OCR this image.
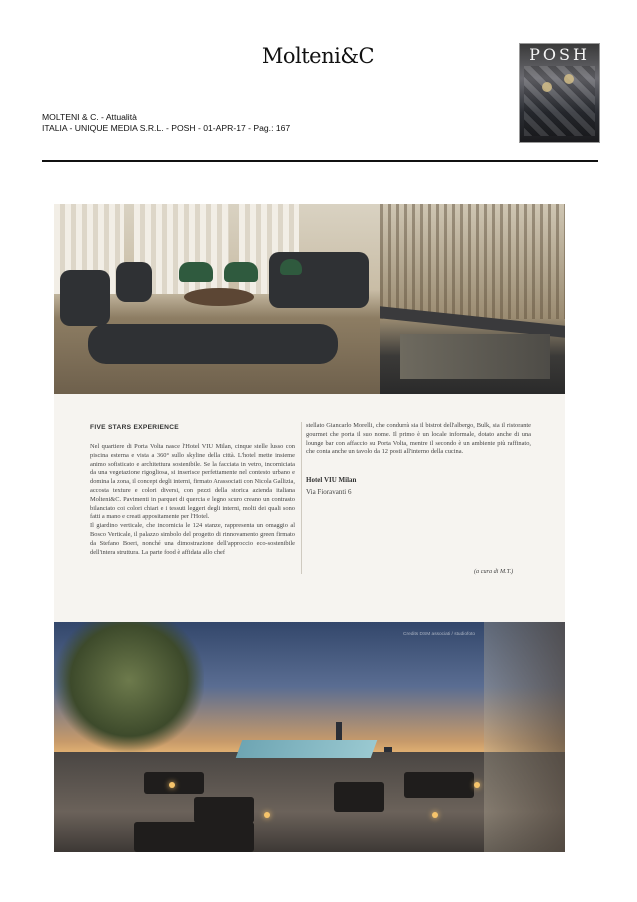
Molteni&C	POSH
MOLTENI & C. - Attualità
ITALIA - UNIQUE MEDIA S.R.L. - POSH - 01-APR-17 - Pag.: 167
FIVE STARS EXPERIENCE

Nel quartiere di Porta Volta nasce l'Hotel VIU Milan, cinque stelle lusso con piscina esterna e vista a 360° sullo skyline della città. L'hotel mette insieme animo sofisticato e architettura sostenibile. Se la facciata in vetro, incorniciata da una vegetazione rigogliosa, si inserisce perfettamente nel contesto urbano e domina la zona, il concept degli interni, firmato Arassociati con Nicola Gallizia, accosta texture e colori diversi, con pezzi della storica azienda italiana Molteni&C. Pavimenti in parquet di quercia e legno scuro creano un contrasto bilanciato coi colori chiari e i tessuti leggeri degli interni, molti dei quali sono fatti a mano e creati appositamente per l'Hotel.

Il giardino verticale, che incornicia le 124 stanze, rappresenta un omaggio al Bosco Verticale, il palazzo simbolo del progetto di rinnovamento green firmato da Stefano Boeri, nonché una dimostrazione dell'approccio eco-sostenibile dell'intera struttura. La parte food è affidata allo chef

stellato Giancarlo Morelli, che condurrà sia il bistrot dell'albergo, Bulk, sia il ristorante gourmet che porta il suo nome. Il primo è un locale informale, dotato anche di una lounge bar con affaccio su Porta Volta, mentre il secondo è un ambiente più raffinato, che conta anche un tavolo da 12 posti all'interno della cucina.
Hotel VIU Milan
Via Fioravanti 6
(a cura di M.T.)
Credits DSM associati / studiofoto
